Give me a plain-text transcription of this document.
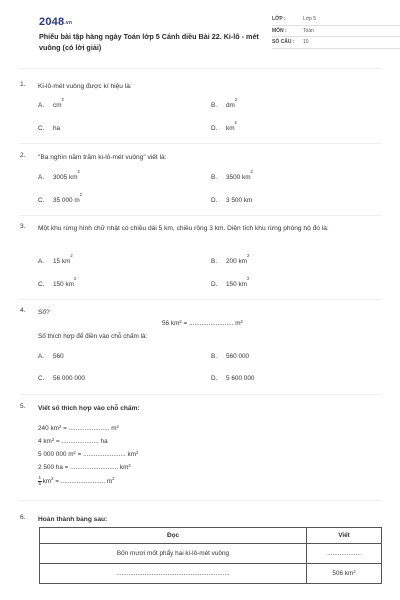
2048.vn
Phiếu bài tập hàng ngày Toán lớp 5 Cánh diều Bài 22. Ki-lô - mét vuông (có lời giải)
LỚP :	Lớp 5
MÔN :	Toán
SỐ CÂU :	10
1.	Ki-lô-mét vuông được kí hiệu là:
A.	cm
$^2$
B.	dm
$^2$
C.	ha	D.	km
$^2$
2.	"Ba nghìn năm trăm ki-lô-mét vuông" viết là:
A.	3005 km
$^2$
B.	3500 km
$^2$
C.	35 000 m
$^2$
D.	3 500 km
3.	Một khu rừng hình chữ nhật có chiều dài 5 km, chiều rộng 3 km. Diện tích khu rừng phòng hộ đó là:
A.	15 km
$^2$
B.	200 km
$^2$
C.	150 km
$^2$
D.	150 km
$^2$
4.	Số?
56 $km^2$ = ......................... $m^2$
Số thích hợp để điền vào chỗ chấm là:
A.	560	B.	560 000
C.	56 000 000	D.	5 600 000
5.	Viết số thích hợp vào chỗ chấm:
240 $km^2$ = ....................... $m^2$
4 $km^2$ = ..................... ha
5 000 000 $m^2$ = ........................ $km^2$
2 500 ha = ........................... $km^2$
$\frac{1}{5} km^2$ = ......................... $m^2$
6.	Hoàn thành bảng sau:
Đọc	Viết
Bốn mươi mốt phẩy hai ki-lô-mét vuông	...................
................................................................	506 $km^2$
